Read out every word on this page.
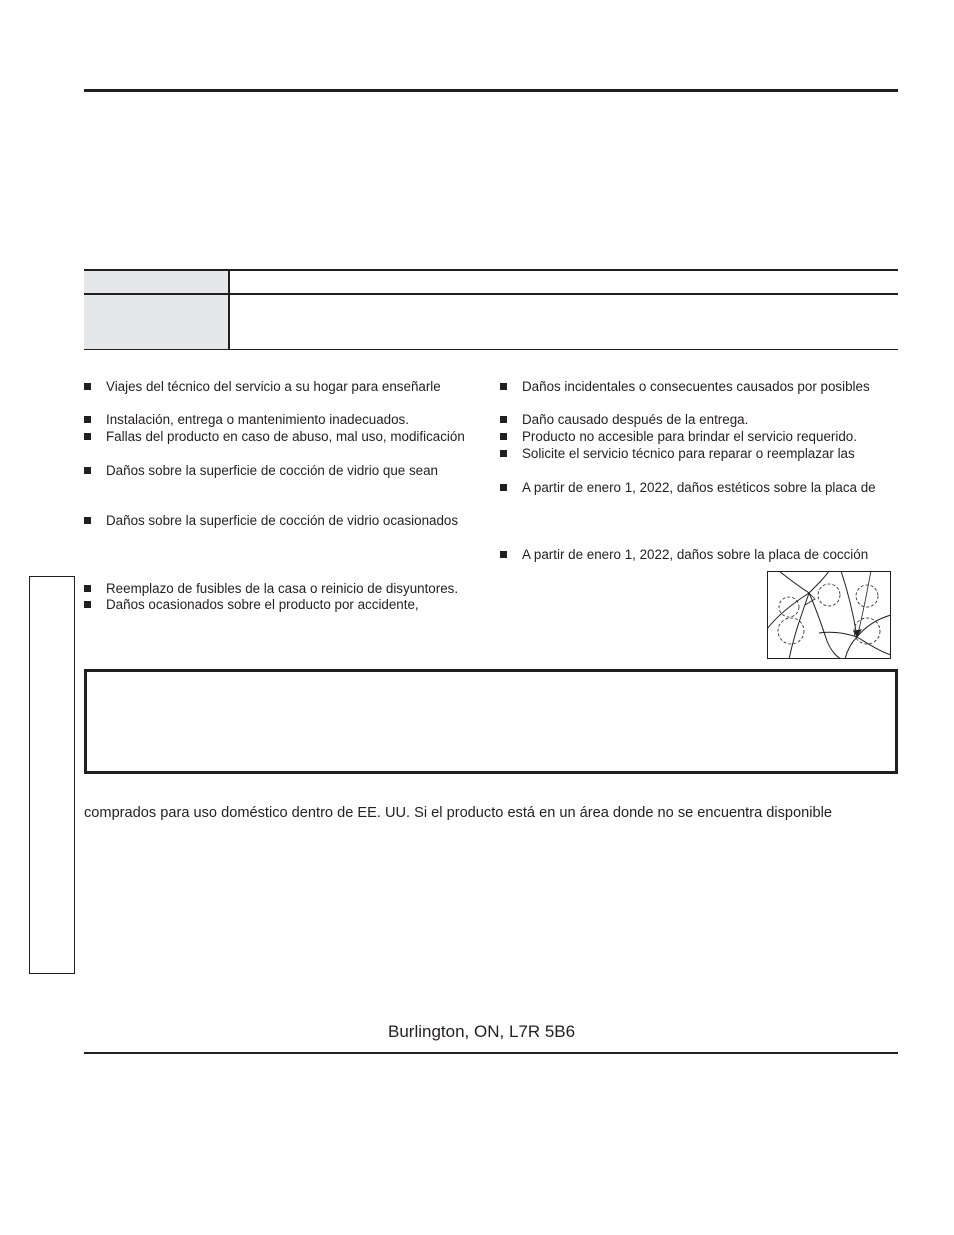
Viajes del técnico del servicio a su hogar para enseñarle
Instalación, entrega o mantenimiento inadecuados.
Fallas del producto en caso de abuso, mal uso, modificación
Daños sobre la superficie de cocción de vidrio que sean
Daños sobre la superficie de cocción de vidrio ocasionados
Reemplazo de fusibles de la casa o reinicio de disyuntores.
Daños ocasionados sobre el producto por accidente,
Daños incidentales o consecuentes causados por posibles
Daño causado después de la entrega.
Producto no accesible para brindar el servicio requerido.
Solicite el servicio técnico para reparar o reemplazar las
A partir de enero 1, 2022, daños estéticos sobre la placa de
A partir de enero 1, 2022, daños sobre la placa de cocción
comprados para uso doméstico dentro de EE. UU. Si el producto está en un área donde no se encuentra disponible
Burlington, ON, L7R 5B6
